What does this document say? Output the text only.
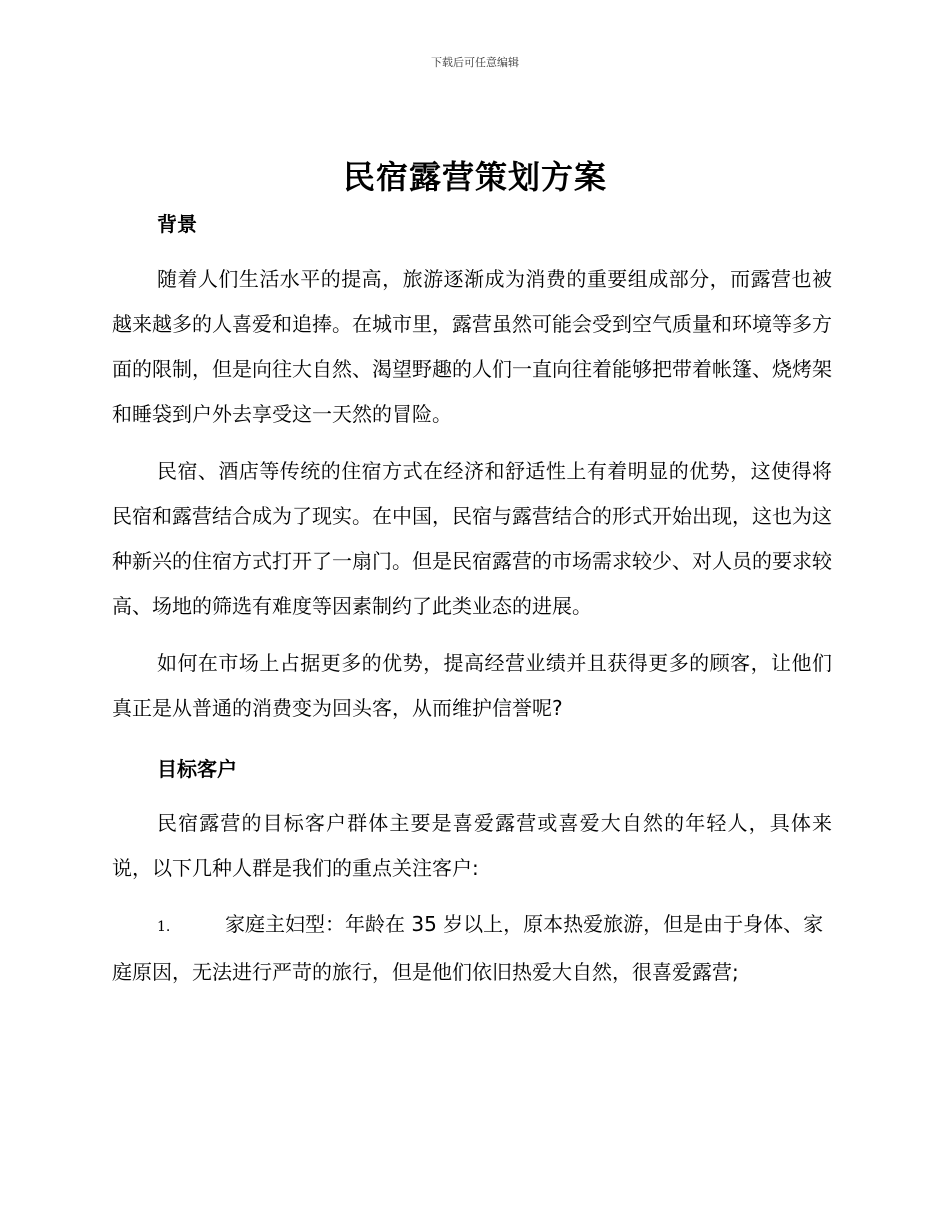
下载后可任意编辑
民宿露营策划方案
背景

随着人们生活水平的提高，旅游逐渐成为消费的重要组成部分，而露营也被越来越多的人喜爱和追捧。在城市里，露营虽然可能会受到空气质量和环境等多方面的限制，但是向往大自然、渴望野趣的人们一直向往着能够把带着帐篷、烧烤架和睡袋到户外去享受这一天然的冒险。

民宿、酒店等传统的住宿方式在经济和舒适性上有着明显的优势，这使得将民宿和露营结合成为了现实。在中国，民宿与露营结合的形式开始出现，这也为这种新兴的住宿方式打开了一扇门。但是民宿露营的市场需求较少、对人员的要求较高、场地的筛选有难度等因素制约了此类业态的进展。

如何在市场上占据更多的优势，提高经营业绩并且获得更多的顾客，让他们真正是从普通的消费变为回头客，从而维护信誉呢?

目标客户

民宿露营的目标客户群体主要是喜爱露营或喜爱大自然的年轻人，具体来说，以下几种人群是我们的重点关注客户:

1.	家庭主妇型：年龄在 35 岁以上，原本热爱旅游，但是由于身体、家庭原因，无法进行严苛的旅行，但是他们依旧热爱大自然，很喜爱露营;
